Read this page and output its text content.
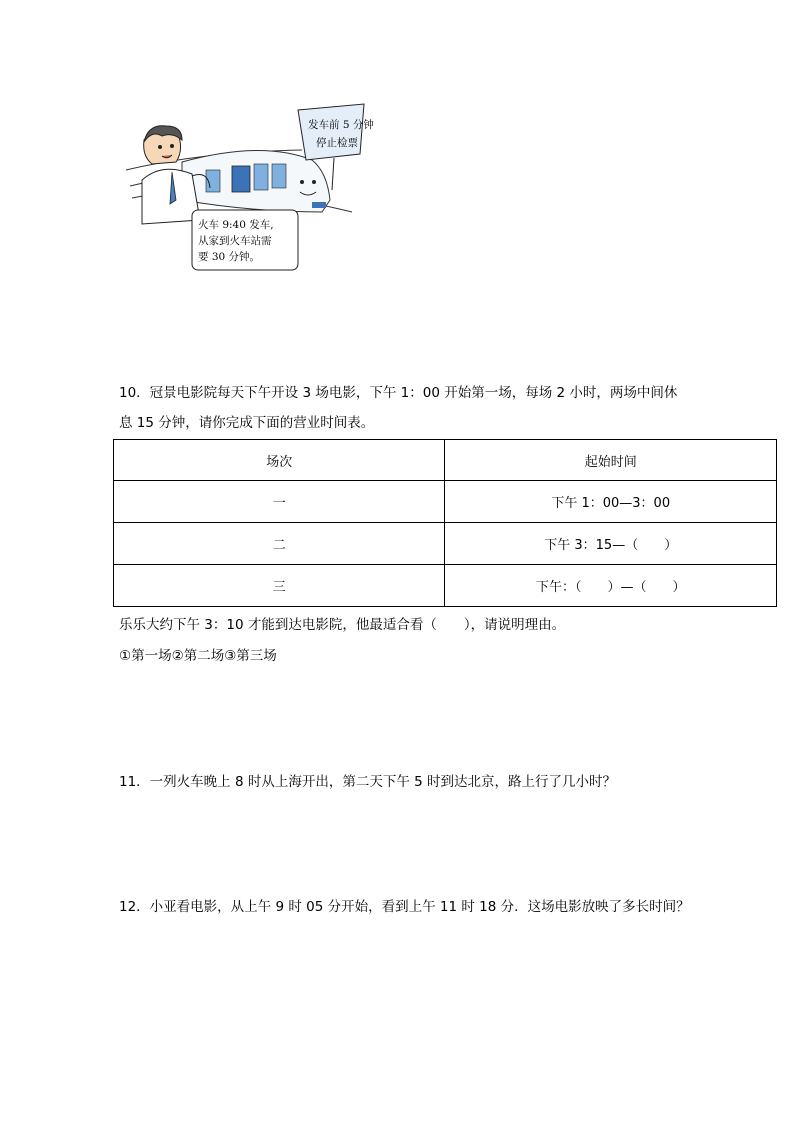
发车前 5 分钟
停止检票
火车 9:40 发车,
从家到火车站需
要 30 分钟。
10．冠景电影院每天下午开设 3 场电影，下午 1：00 开始第一场，每场 2 小时，两场中间休
息 15 分钟，请你完成下面的营业时间表。
场次	起始时间
一	下午 1：00—3：00
二	下午 3：15—（　　）
三	下午：（　　）—（　　）
乐乐大约下午 3：10 才能到达电影院，他最适合看（　　），请说明理由。
①第一场②第二场③第三场
11．一列火车晚上 8 时从上海开出，第二天下午 5 时到达北京，路上行了几小时？
12．小亚看电影，从上午 9 时 05 分开始，看到上午 11 时 18 分．这场电影放映了多长时间？
